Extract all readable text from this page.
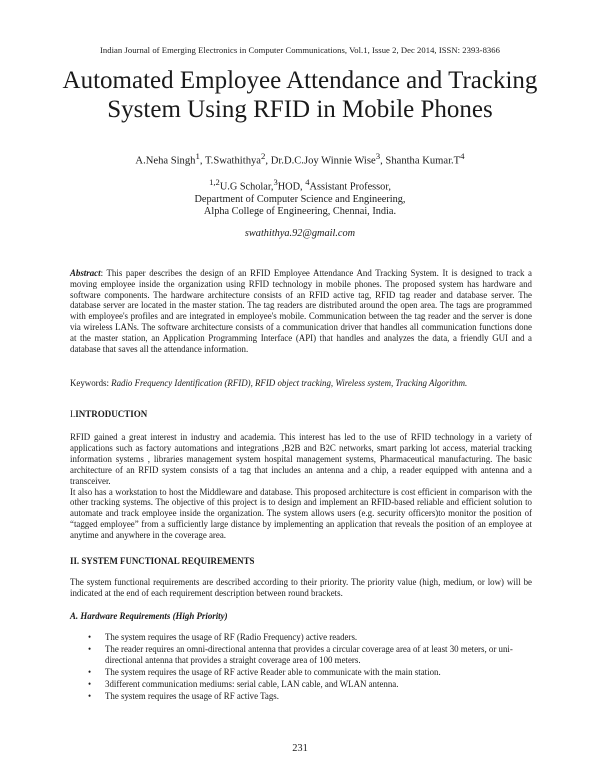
Indian Journal of Emerging Electronics in Computer Communications, Vol.1, Issue 2, Dec 2014, ISSN: 2393-8366
Automated Employee Attendance and Tracking System Using RFID in Mobile Phones
A.Neha Singh$^1$, T.Swathithya$^2$, Dr.D.C.Joy Winnie Wise$^3$, Shantha $Kumar.T^4$
$^{1,2}$U.G Scholar,$^3$HOD, $^4$Assistant Professor,
Department of Computer Science and Engineering,
Alpha College of Engineering, Chennai, India.
swathithya.92@gmail.com
Abstract: This paper describes the design of an RFID Employee Attendance And Tracking System. It is designed to track a moving employee inside the organization using RFID technology in mobile phones. The proposed system has hardware and software components. The hardware architecture consists of an RFID active tag, RFID tag reader and database server. The database server are located in the master station. The tag readers are distributed around the open area. The tags are programmed with employee's profiles and are integrated in employee's mobile. Communication between the tag reader and the server is done via wireless LANs. The software architecture consists of a communication driver that handles all communication functions done at the master station, an Application Programming Interface (API) that handles and analyzes the data, a friendly GUI and a database that saves all the attendance information.
Keywords: Radio Frequency Identification (RFID), RFID object tracking, Wireless system, Tracking Algorithm.
I.INTRODUCTION

RFID gained a great interest in industry and academia. This interest has led to the use of RFID technology in a variety of applications such as factory automations and integrations ,B2B and B2C networks, smart parking lot access, material tracking information systems , libraries management system hospital management systems, Pharmaceutical manufacturing. The basic architecture of an RFID system consists of a tag that includes an antenna and a chip, a reader equipped with antenna and a transceiver.

It also has a workstation to host the Middleware and database. This proposed architecture is cost efficient in comparison with the other tracking systems. The objective of this project is to design and implement an RFID-based reliable and efficient solution to automate and track employee inside the organization. The system allows users (e.g. security officers)to monitor the position of “tagged employee” from a sufficiently large distance by implementing an application that reveals the position of an employee at anytime and anywhere in the coverage area.

II. SYSTEM FUNCTIONAL REQUIREMENTS
The system functional requirements are described according to their priority. The priority value (high, medium, or low) will be indicated at the end of each requirement description between round brackets.
A. Hardware Requirements (High Priority)
• The system requires the usage of RF (Radio Frequency) active readers.
• The reader requires an omni-directional antenna that provides a circular coverage area of at least 30 meters, or uni-directional antenna that provides a straight coverage area of 100 meters.
• The system requires the usage of RF active Reader able to communicate with the main station.
• 3different communication mediums: serial cable, LAN cable, and WLAN antenna.
• The system requires the usage of RF active Tags.
231
